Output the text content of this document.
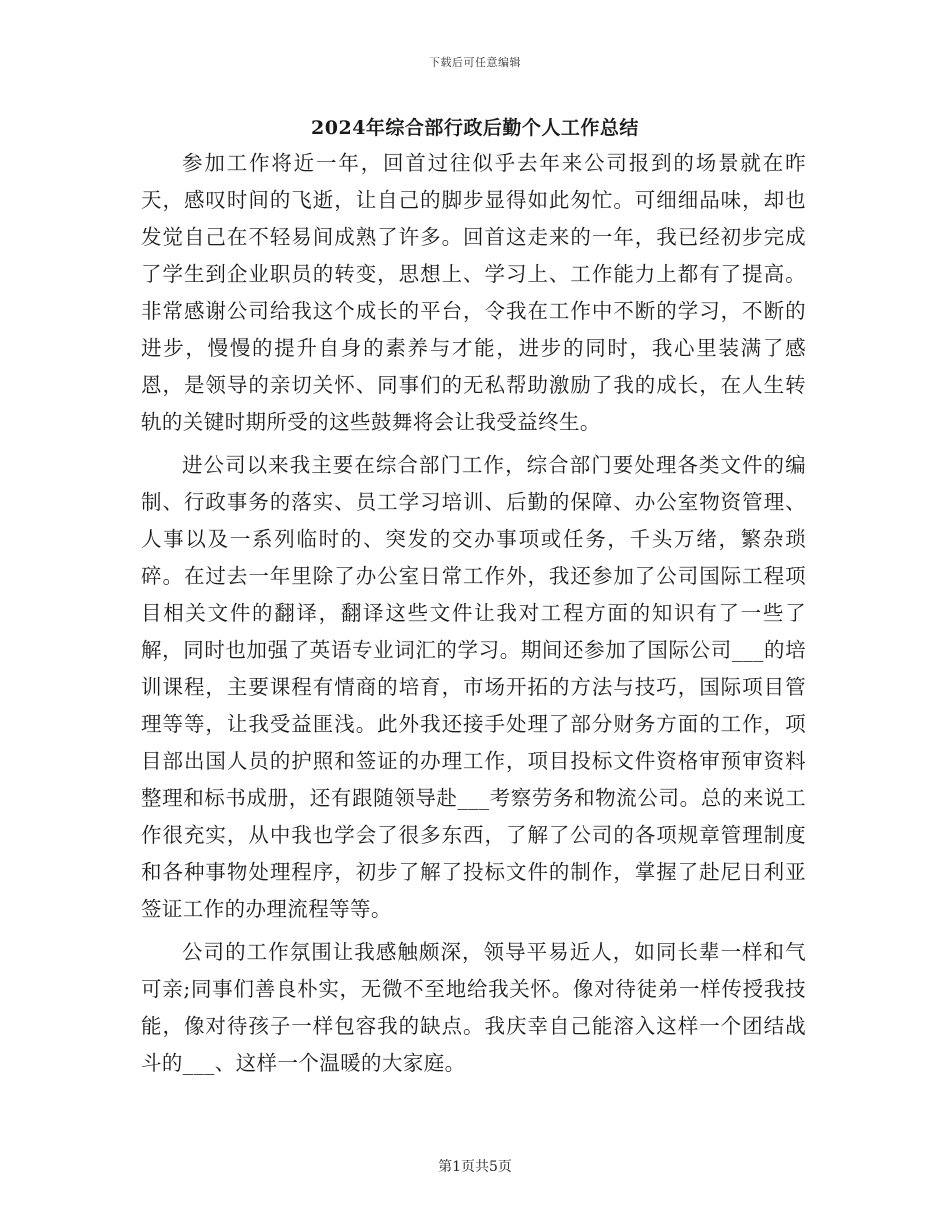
下载后可任意编辑
2024年综合部行政后勤个人工作总结

参加工作将近一年，回首过往似乎去年来公司报到的场景就在昨天，感叹时间的飞逝，让自己的脚步显得如此匆忙。可细细品味，却也发觉自己在不轻易间成熟了许多。回首这走来的一年，我已经初步完成了学生到企业职员的转变，思想上、学习上、工作能力上都有了提高。非常感谢公司给我这个成长的平台，令我在工作中不断的学习，不断的进步，慢慢的提升自身的素养与才能，进步的同时，我心里装满了感恩，是领导的亲切关怀、同事们的无私帮助激励了我的成长，在人生转轨的关键时期所受的这些鼓舞将会让我受益终生。

进公司以来我主要在综合部门工作，综合部门要处理各类文件的编制、行政事务的落实、员工学习培训、后勤的保障、办公室物资管理、人事以及一系列临时的、突发的交办事项或任务，千头万绪，繁杂琐碎。在过去一年里除了办公室日常工作外，我还参加了公司国际工程项目相关文件的翻译，翻译这些文件让我对工程方面的知识有了一些了解，同时也加强了英语专业词汇的学习。期间还参加了国际公司___的培训课程，主要课程有情商的培育，市场开拓的方法与技巧，国际项目管理等等，让我受益匪浅。此外我还接手处理了部分财务方面的工作，项目部出国人员的护照和签证的办理工作，项目投标文件资格审预审资料整理和标书成册，还有跟随领导赴___考察劳务和物流公司。总的来说工作很充实，从中我也学会了很多东西，了解了公司的各项规章管理制度和各种事物处理程序，初步了解了投标文件的制作，掌握了赴尼日利亚签证工作的办理流程等等。

公司的工作氛围让我感触颇深，领导平易近人，如同长辈一样和气可亲;同事们善良朴实，无微不至地给我关怀。像对待徒弟一样传授我技能，像对待孩子一样包容我的缺点。我庆幸自己能溶入这样一个团结战斗的___、这样一个温暖的大家庭。

第1页共5页
